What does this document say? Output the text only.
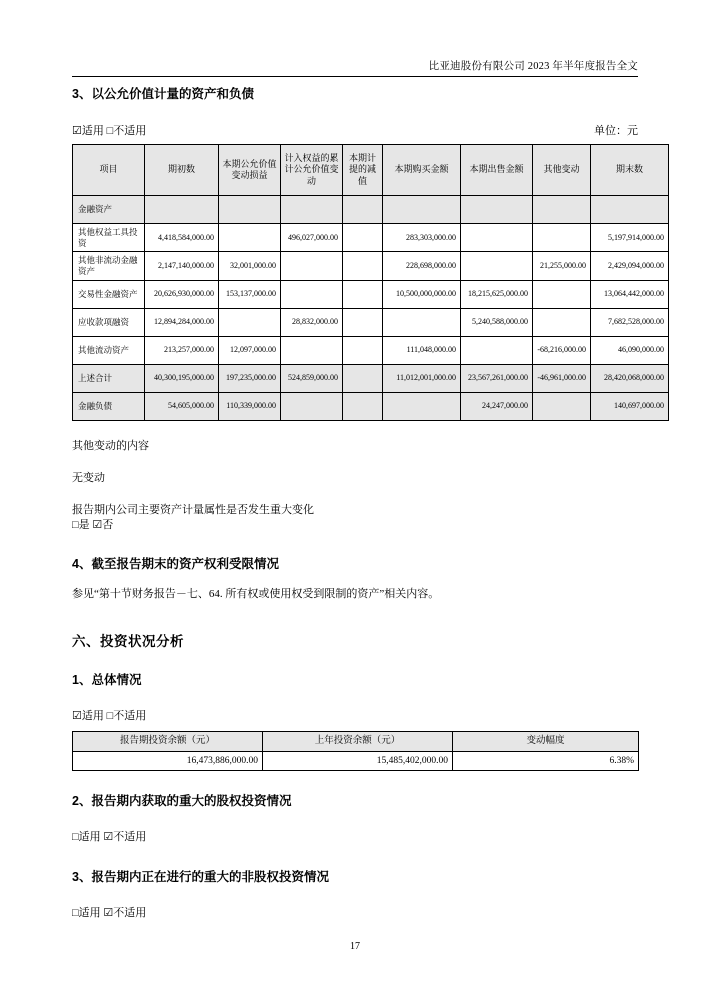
比亚迪股份有限公司 2023 年半年度报告全文
3、以公允价值计量的资产和负债
☑适用 □不适用	单位：元
项目	期初数	本期公允价值变动损益	计入权益的累计公允价值变动	本期计提的减值	本期购买金额	本期出售金额	其他变动	期末数
金融资产								
其他权益工具投资	4,418,584,000.00		496,027,000.00		283,303,000.00			5,197,914,000.00
其他非流动金融资产	2,147,140,000.00	32,001,000.00			228,698,000.00		21,255,000.00	2,429,094,000.00
交易性金融资产	20,626,930,000.00	153,137,000.00			10,500,000,000.00	18,215,625,000.00		13,064,442,000.00
应收款项融资	12,894,284,000.00		28,832,000.00			5,240,588,000.00		7,682,528,000.00
其他流动资产	213,257,000.00	12,097,000.00			111,048,000.00		-68,216,000.00	46,090,000.00
上述合计	40,300,195,000.00	197,235,000.00	524,859,000.00		11,012,001,000.00	23,567,261,000.00	-46,961,000.00	28,420,068,000.00
金融负债	54,605,000.00	110,339,000.00				24,247,000.00		140,697,000.00
其他变动的内容
无变动
报告期内公司主要资产计量属性是否发生重大变化
□是 ☑否
4、截至报告期末的资产权利受限情况
参见“第十节财务报告－七、64. 所有权或使用权受到限制的资产”相关内容。
六、投资状况分析
1、总体情况
☑适用 □不适用
报告期投资余额（元）	上年投资余额（元）	变动幅度
16,473,886,000.00	15,485,402,000.00	6.38%
2、报告期内获取的重大的股权投资情况
□适用 ☑不适用
3、报告期内正在进行的重大的非股权投资情况
□适用 ☑不适用
17
